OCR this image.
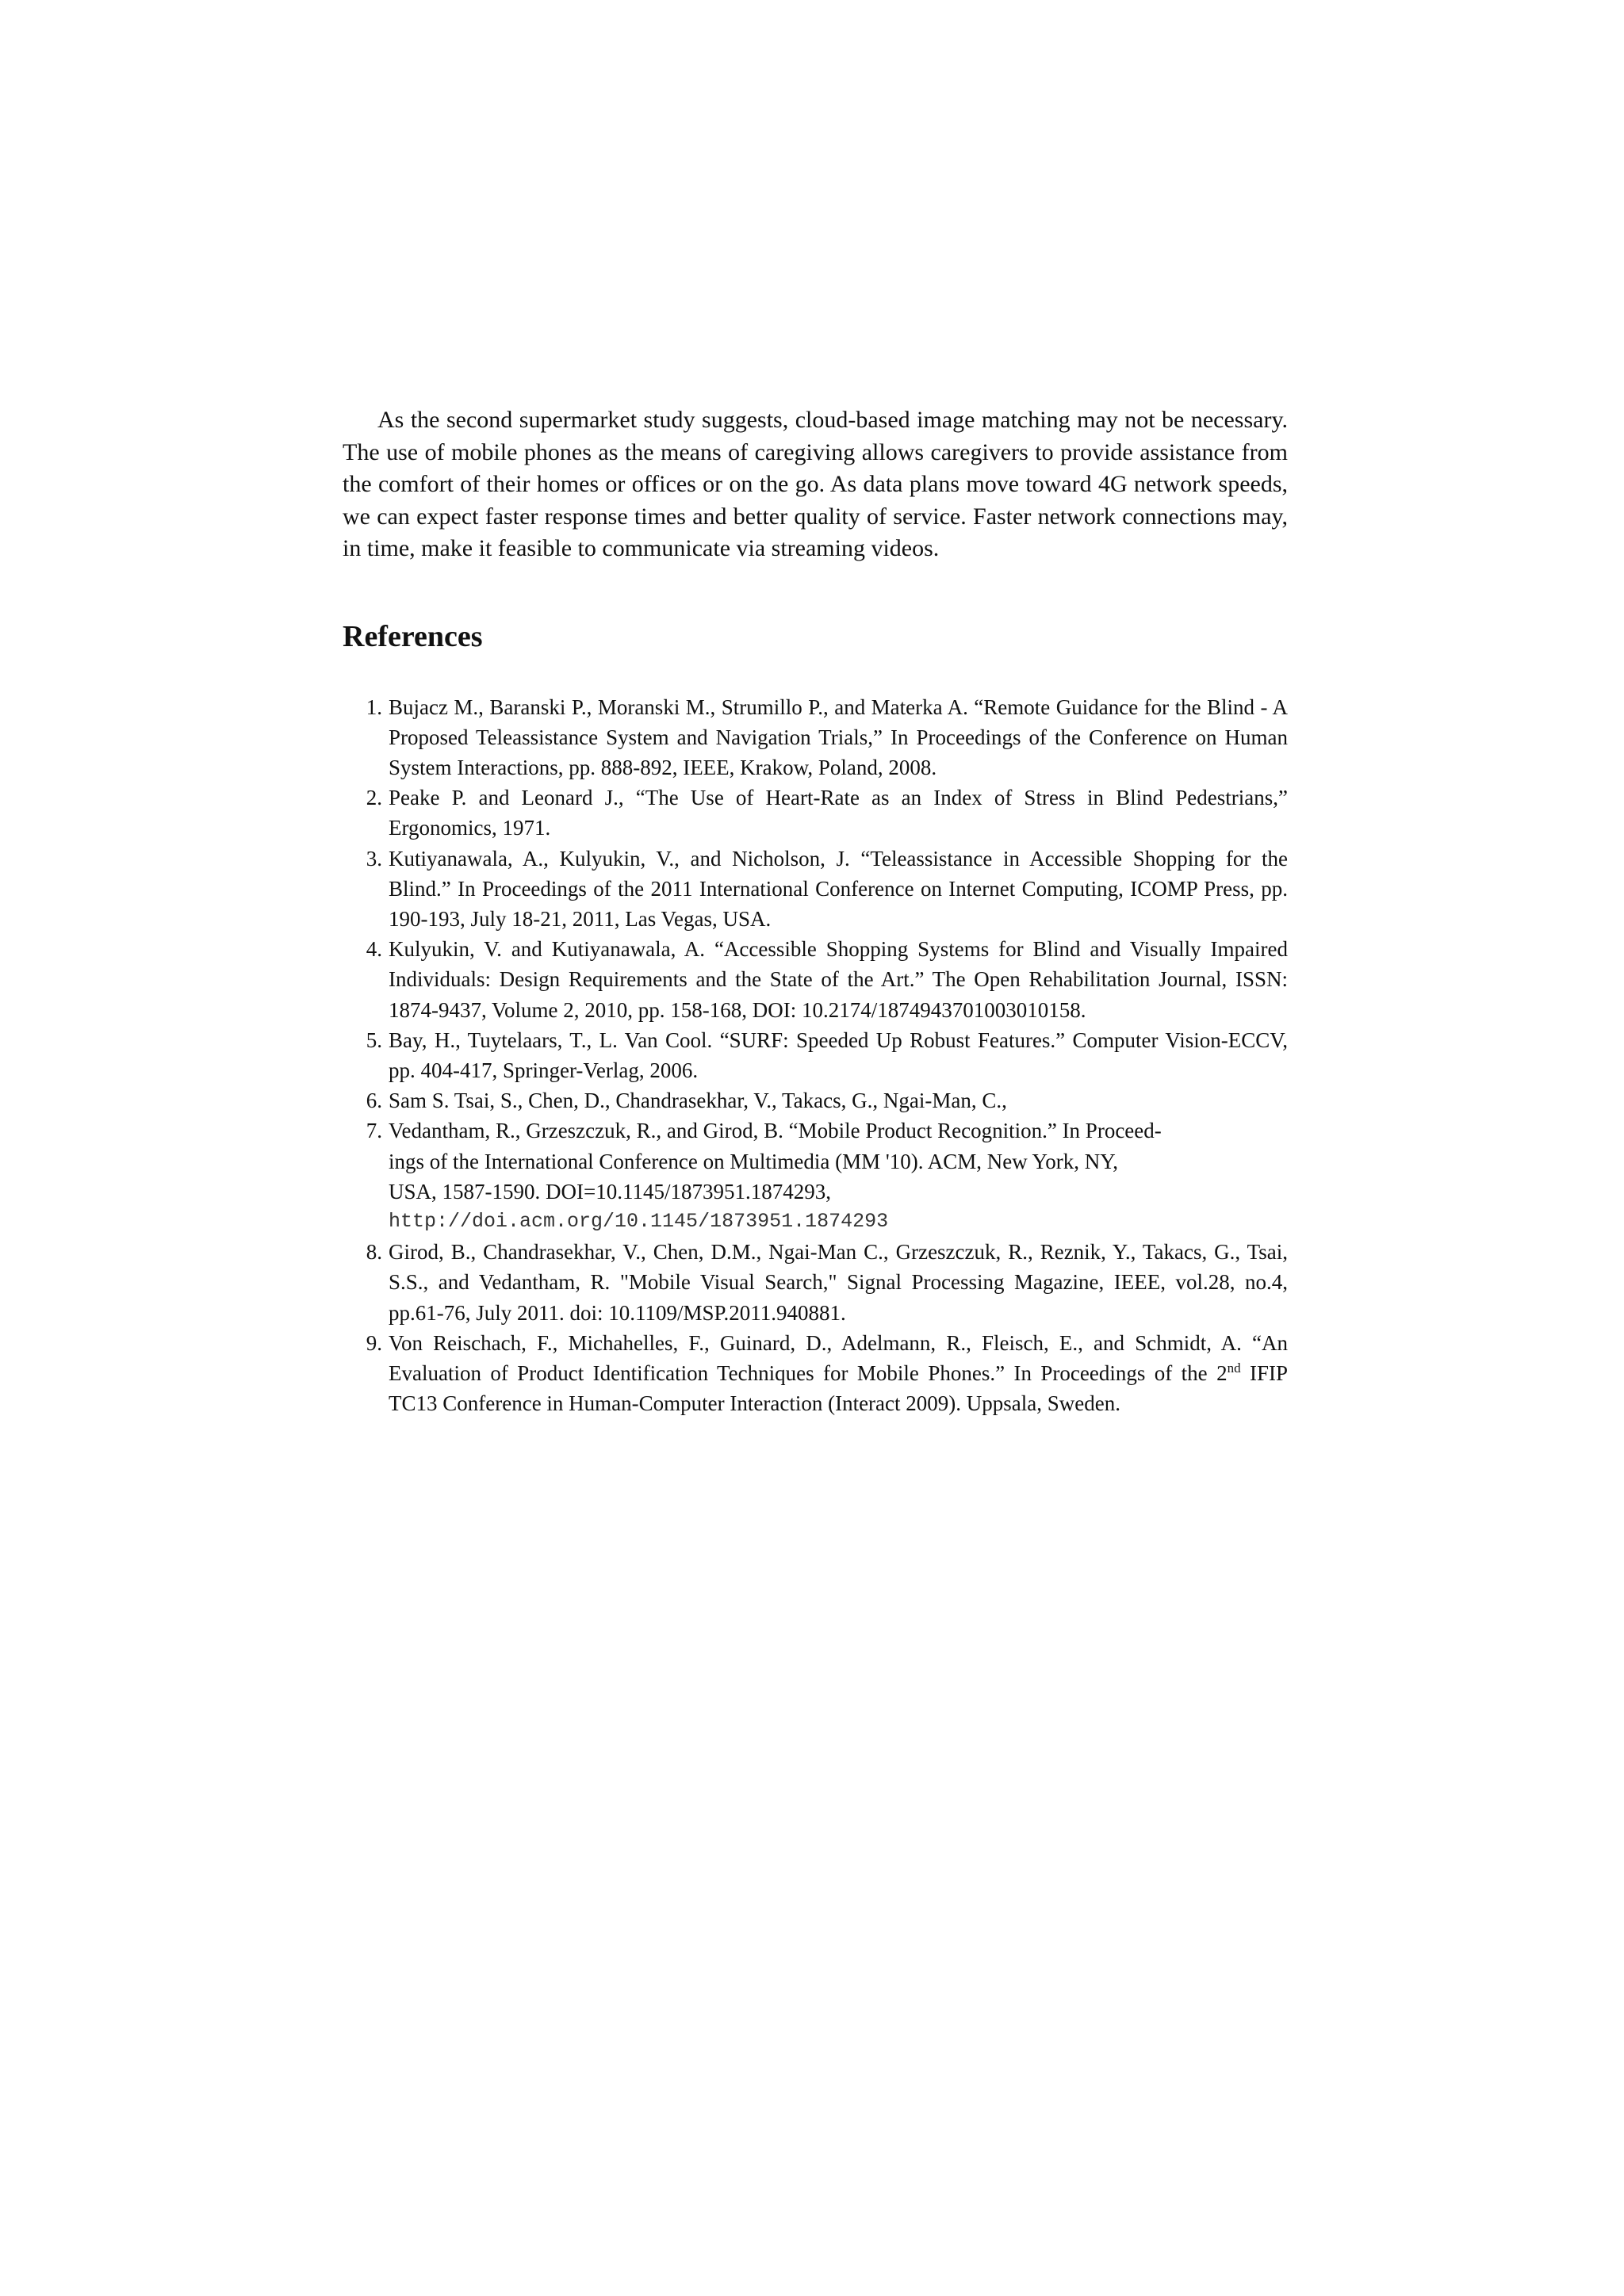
As the second supermarket study suggests, cloud-based image matching may not be necessary. The use of mobile phones as the means of caregiving allows caregivers to provide assistance from the comfort of their homes or offices or on the go. As data plans move toward 4G network speeds, we can expect faster response times and better quality of service. Faster network connections may, in time, make it feasible to communicate via streaming videos.

References
1. Bujacz M., Baranski P., Moranski M., Strumillo P., and Materka A. “Remote Guidance for the Blind - A Proposed Teleassistance System and Navigation Trials,” In Proceedings of the Conference on Human System Interactions, pp. 888-892, IEEE, Krakow, Poland, 2008.
2. Peake P. and Leonard J., “The Use of Heart-Rate as an Index of Stress in Blind Pedestrians,” Ergonomics, 1971.
3. Kutiyanawala, A., Kulyukin, V., and Nicholson, J. “Teleassistance in Accessible Shopping for the Blind.” In Proceedings of the 2011 International Conference on Internet Computing, ICOMP Press, pp. 190-193, July 18-21, 2011, Las Vegas, USA.
4. Kulyukin, V. and Kutiyanawala, A. “Accessible Shopping Systems for Blind and Visually Impaired Individuals: Design Requirements and the State of the Art.” The Open Rehabilitation Journal, ISSN: 1874-9437, Volume 2, 2010, pp. 158-168, DOI: 10.2174/1874943701003010158.
5. Bay, H., Tuytelaars, T., L. Van Cool. “SURF: Speeded Up Robust Features.” Computer Vision-ECCV, pp. 404-417, Springer-Verlag, 2006.
6. Sam S. Tsai, S., Chen, D., Chandrasekhar, V., Takacs, G., Ngai-Man, C.,
7. Vedantham, R., Grzeszczuk, R., and Girod, B. “Mobile Product Recognition.” In Proceed-
ings of the International Conference on Multimedia (MM '10). ACM, New York, NY,
USA, 1587-1590. DOI=10.1145/1873951.1874293,
http://doi.acm.org/10.1145/1873951.1874293
8. Girod, B., Chandrasekhar, V., Chen, D.M., Ngai-Man C., Grzeszczuk, R., Reznik, Y., Takacs, G., Tsai, S.S., and Vedantham, R. "Mobile Visual Search," Signal Processing Magazine, IEEE, vol.28, no.4, pp.61-76, July 2011. doi: 10.1109/MSP.2011.940881.
9. Von Reischach, F., Michahelles, F., Guinard, D., Adelmann, R., Fleisch, E., and Schmidt, A. “An Evaluation of Product Identification Techniques for Mobile Phones.” In Proceedings of the 2nd IFIP TC13 Conference in Human-Computer Interaction (Interact 2009). Uppsala, Sweden.
